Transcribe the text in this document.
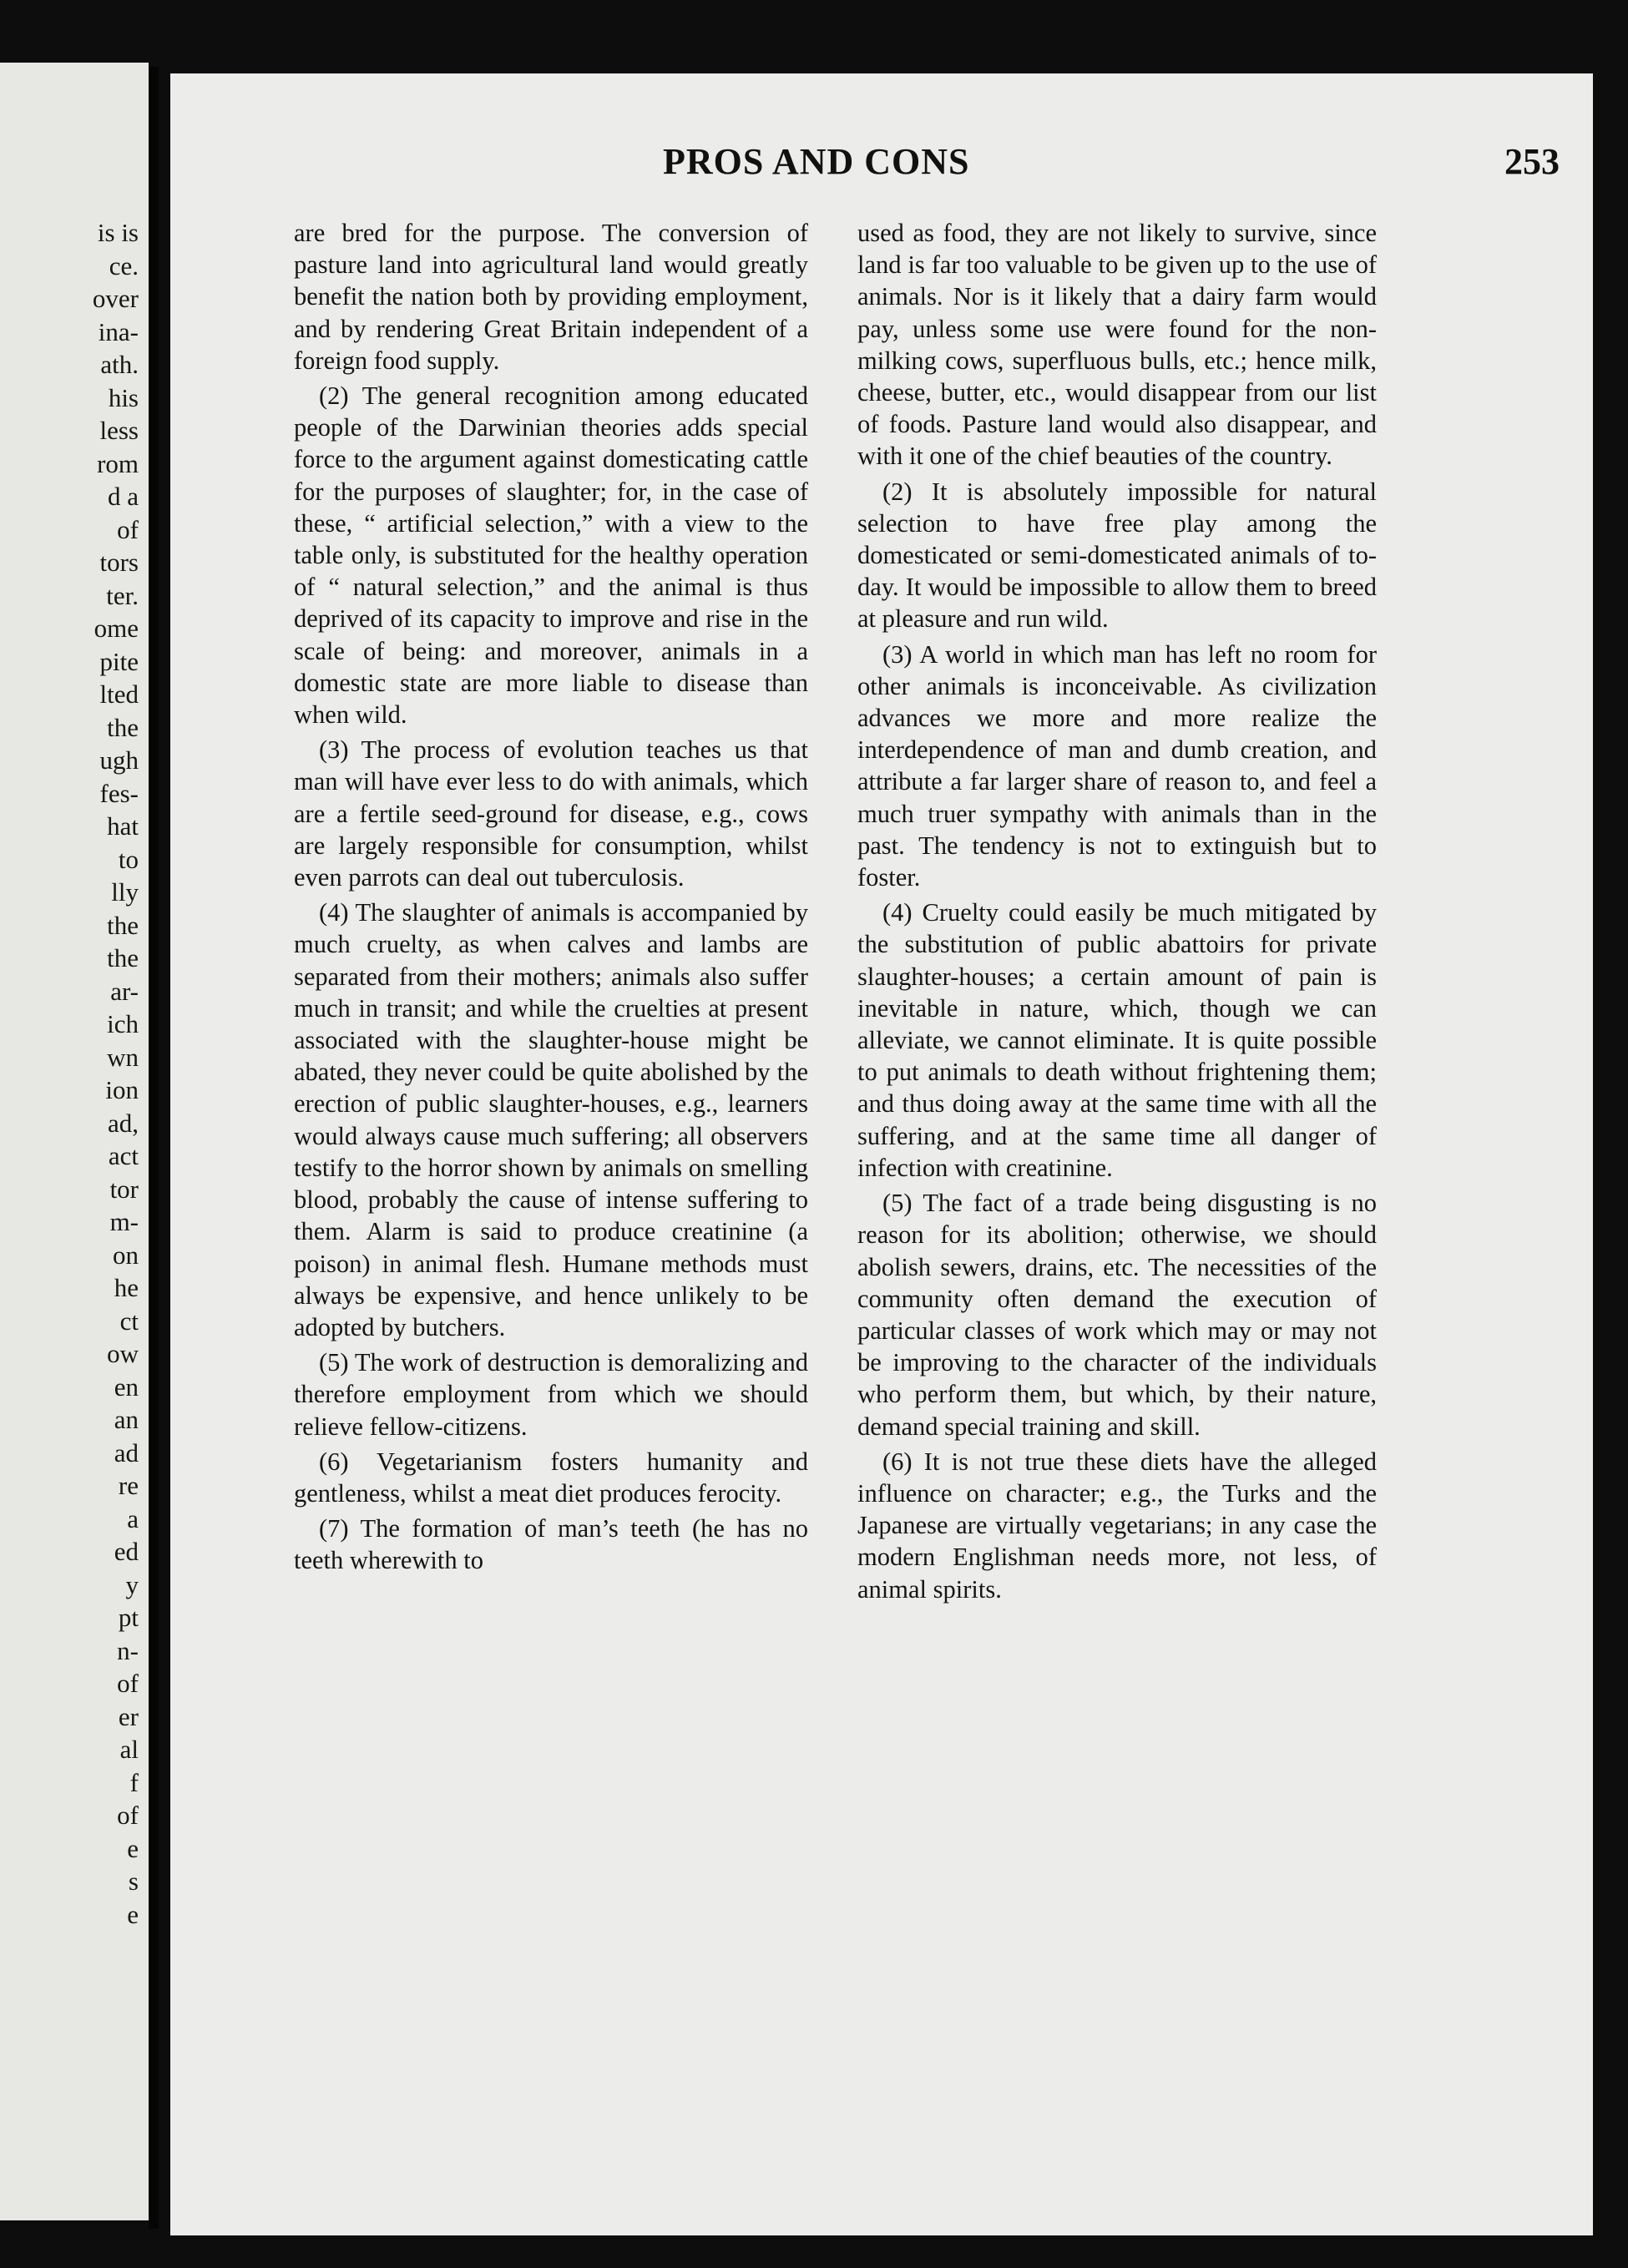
is is
ce.
over
ina-
ath.
his
less
rom
d a
of
tors
ter.
ome
pite
lted
the
ugh
fes-
hat
to
lly
the
the
ar-
ich
wn
ion
ad,
act
tor
m-
on
he
ct
ow
en
an
ad
re
a
ed
y
pt
n-
of
er
al
f
of
e
s
e
PROS AND CONS	253

are bred for the purpose. The conversion of pasture land into agricultural land would greatly benefit the nation both by providing employment, and by rendering Great Britain independent of a foreign food supply.

(2) The general recognition among educated people of the Darwinian theories adds special force to the argument against domesticating cattle for the purposes of slaughter; for, in the case of these, “ artificial selection,” with a view to the table only, is substituted for the healthy operation of “ natural selection,” and the animal is thus deprived of its capacity to improve and rise in the scale of being: and moreover, animals in a domestic state are more liable to disease than when wild.

(3) The process of evolution teaches us that man will have ever less to do with animals, which are a fertile seed-ground for disease, e.g., cows are largely responsible for consumption, whilst even parrots can deal out tuberculosis.

(4) The slaughter of animals is accompanied by much cruelty, as when calves and lambs are separated from their mothers; animals also suffer much in transit; and while the cruelties at present associated with the slaughter-house might be abated, they never could be quite abolished by the erection of public slaughter-houses, e.g., learners would always cause much suffering; all observers testify to the horror shown by animals on smelling blood, probably the cause of intense suffering to them. Alarm is said to produce creatinine (a poison) in animal flesh. Humane methods must always be expensive, and hence unlikely to be adopted by butchers.

(5) The work of destruction is demoralizing and therefore employment from which we should relieve fellow-citizens.

(6) Vegetarianism fosters humanity and gentleness, whilst a meat diet produces ferocity.

(7) The formation of man’s teeth (he has no teeth wherewith to

used as food, they are not likely to survive, since land is far too valuable to be given up to the use of animals. Nor is it likely that a dairy farm would pay, unless some use were found for the non-milking cows, superfluous bulls, etc.; hence milk, cheese, butter, etc., would disappear from our list of foods. Pasture land would also disappear, and with it one of the chief beauties of the country.

(2) It is absolutely impossible for natural selection to have free play among the domesticated or semi-domesticated animals of to-day. It would be impossible to allow them to breed at pleasure and run wild.

(3) A world in which man has left no room for other animals is inconceivable. As civilization advances we more and more realize the interdependence of man and dumb creation, and attribute a far larger share of reason to, and feel a much truer sympathy with animals than in the past. The tendency is not to extinguish but to foster.

(4) Cruelty could easily be much mitigated by the substitution of public abattoirs for private slaughter-houses; a certain amount of pain is inevitable in nature, which, though we can alleviate, we cannot eliminate. It is quite possible to put animals to death without frightening them; and thus doing away at the same time with all the suffering, and at the same time all danger of infection with creatinine.

(5) The fact of a trade being disgusting is no reason for its abolition; otherwise, we should abolish sewers, drains, etc. The necessities of the community often demand the execution of particular classes of work which may or may not be improving to the character of the individuals who perform them, but which, by their nature, demand special training and skill.

(6) It is not true these diets have the alleged influence on character; e.g., the Turks and the Japanese are virtually vegetarians; in any case the modern Englishman needs more, not less, of animal spirits.
